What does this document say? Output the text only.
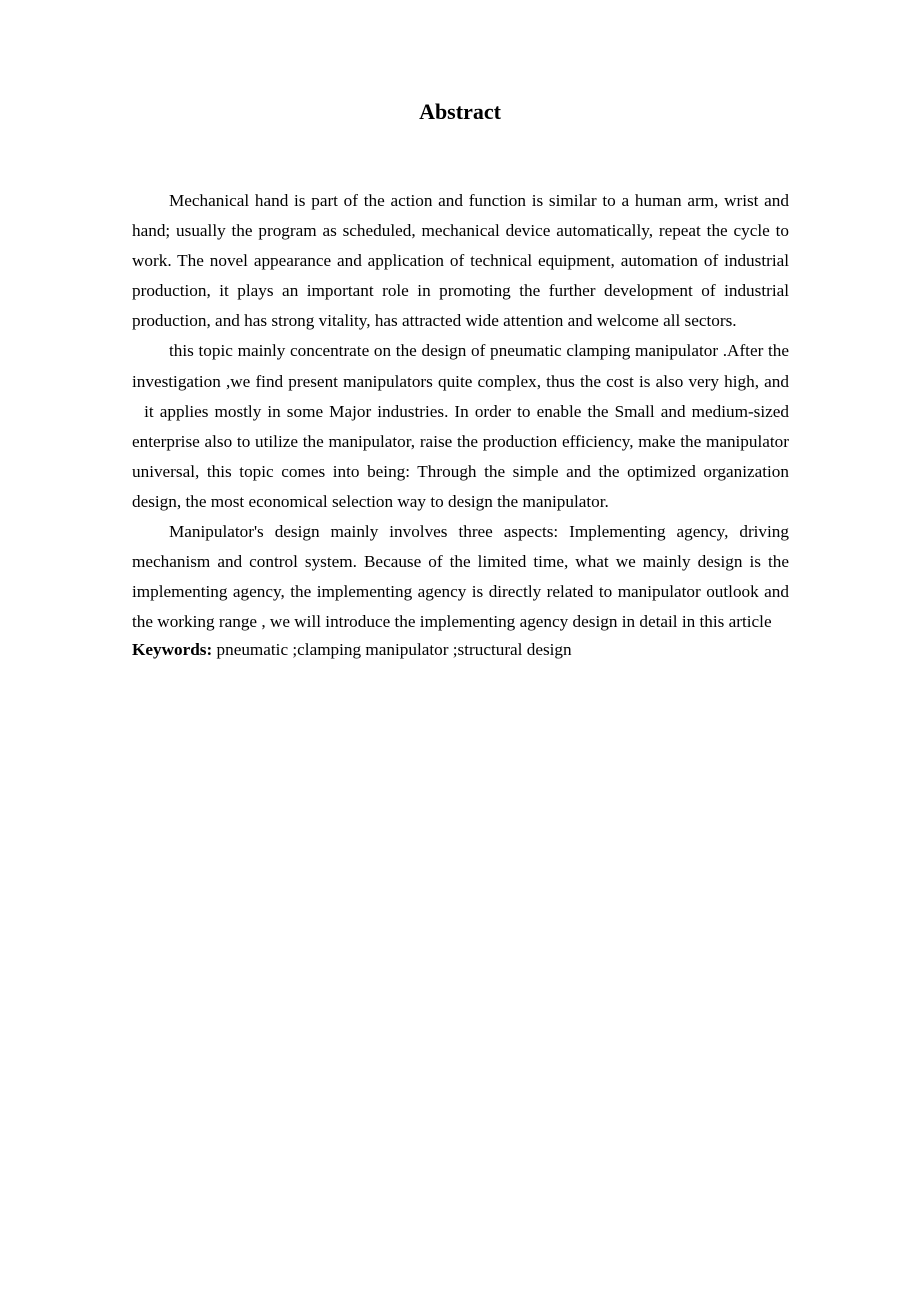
Abstract

Mechanical hand is part of the action and function is similar to a human arm, wrist and hand; usually the program as scheduled, mechanical device automatically, repeat the cycle to work. The novel appearance and application of technical equipment, automation of industrial production, it plays an important role in promoting the further development of industrial production, and has strong vitality, has attracted wide attention and welcome all sectors.

this topic mainly concentrate on the design of pneumatic clamping manipulator .After the investigation ,we find present manipulators quite complex, thus the cost is also very high, and   it applies mostly in some Major industries. In order to enable the Small and medium-sized enterprise also to utilize the manipulator, raise the production efficiency, make the manipulator universal, this topic comes into being: Through the simple and the optimized organization design, the most economical selection way to design the manipulator.

Manipulator's design mainly involves three aspects: Implementing agency, driving mechanism and control system. Because of the limited time, what we mainly design is the implementing agency, the implementing agency is directly related to manipulator outlook and the working range , we will introduce the implementing agency design in detail in this article

Keywords: pneumatic ;clamping manipulator ;structural design
